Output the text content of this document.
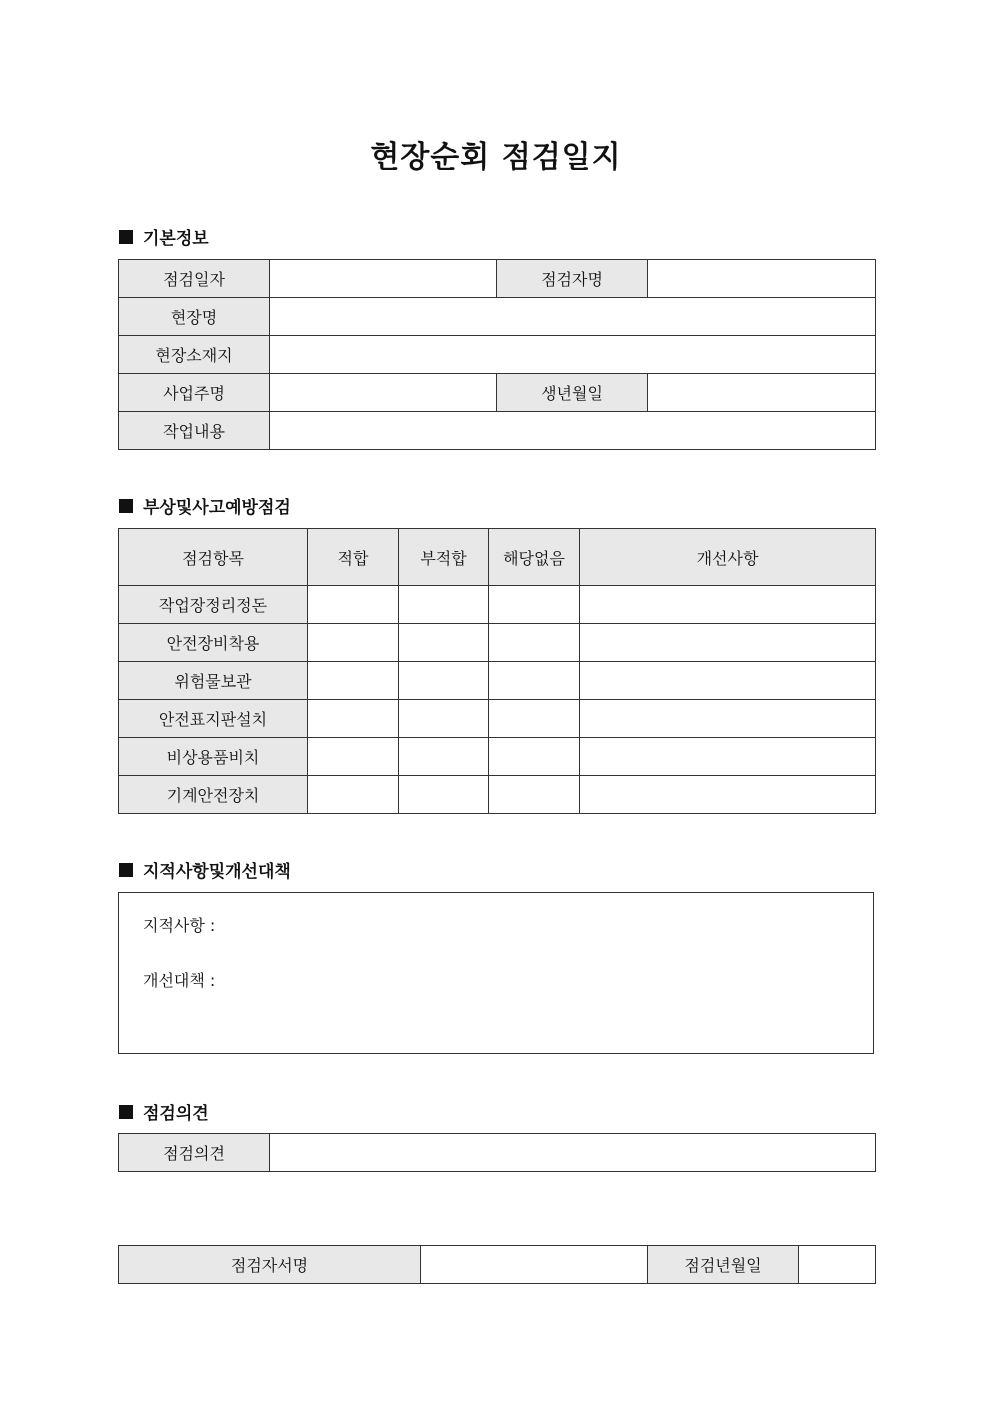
현장순회 점검일지
기본정보
점검일자		점검자명	
현장명			
현장소재지			
사업주명		생년월일	
작업내용			
부상및사고예방점검
점검항목	적합	부적합	해당없음	개선사항
작업장정리정돈				
안전장비착용				
위험물보관				
안전표지판설치				
비상용품비치				
기계안전장치				
지적사항및개선대책
지적사항 :
개선대책 :
점검의견
점검의견	
점검자서명		점검년월일	
